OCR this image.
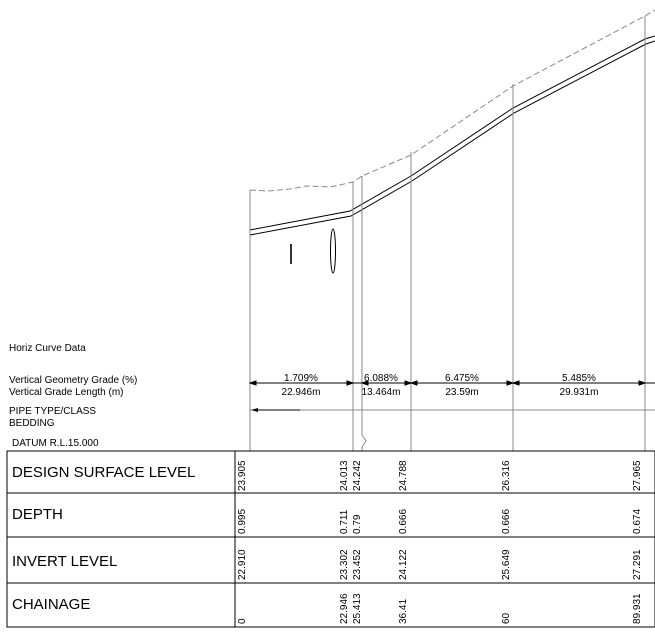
Horiz Curve Data
Vertical Geometry Grade (%)
Vertical Grade Length (m)
PIPE TYPE/CLASS
BEDDING
DATUM R.L.15.000
1.709%
22.946m
6.088%
13.464m
6.475%
23.59m
5.485%
29.931m
DESIGN SURFACE LEVEL
DEPTH
INVERT LEVEL
CHAINAGE
23.905
0.995
22.910
0
24.013
0.711
23.302
22.946
24.242
0.79
23.452
25.413
24.788
0.666
24.122
36.41
26.316
0.666
25.649
60
27.965
0.674
27.291
89.931
